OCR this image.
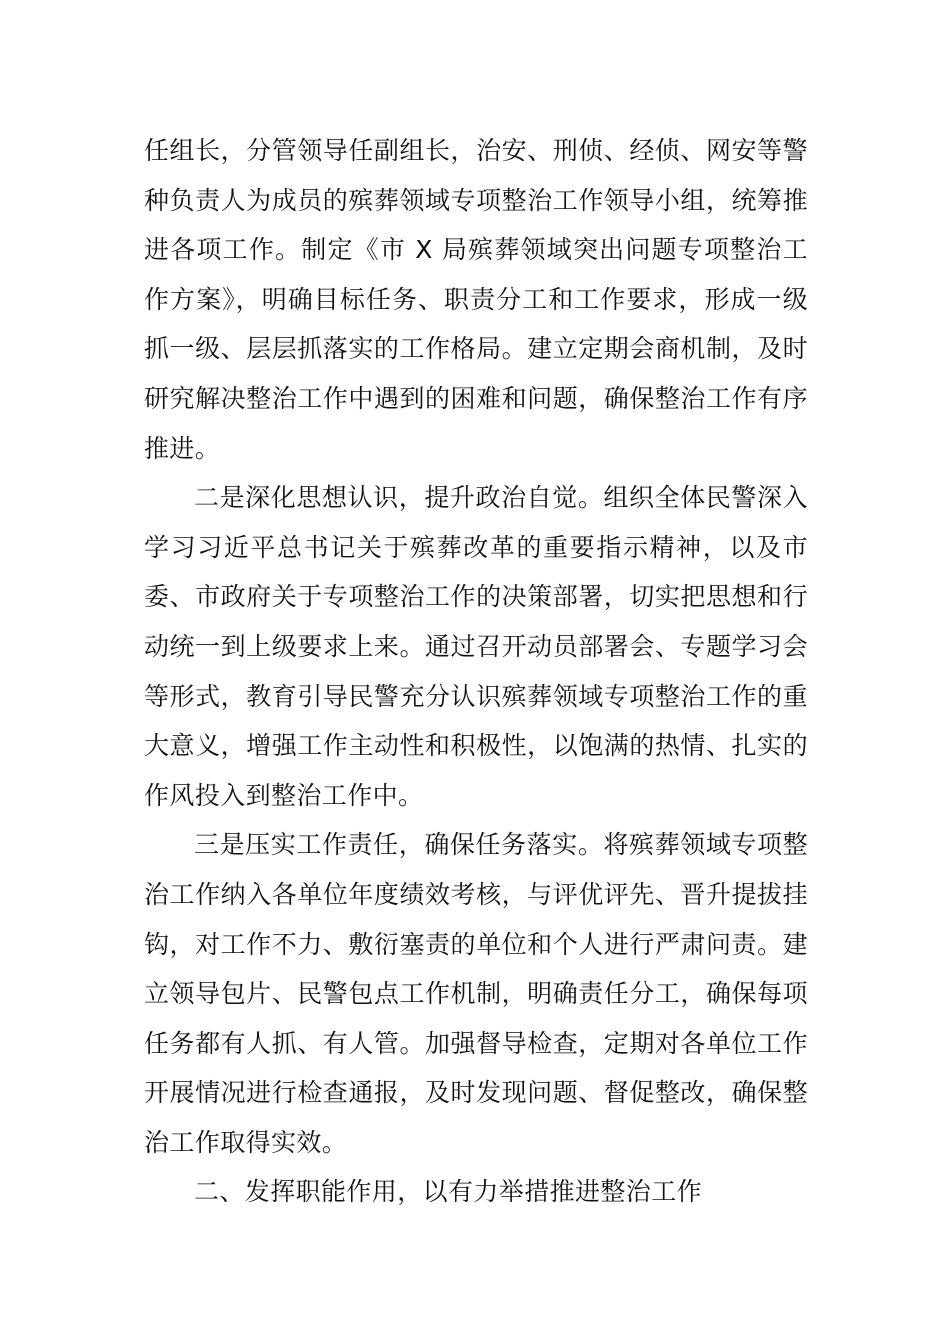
任组长，分管领导任副组长，治安、刑侦、经侦、网安等警种负责人为成员的殡葬领域专项整治工作领导小组，统筹推进各项工作。制定《市 X 局殡葬领域突出问题专项整治工作方案》，明确目标任务、职责分工和工作要求，形成一级抓一级、层层抓落实的工作格局。建立定期会商机制，及时研究解决整治工作中遇到的困难和问题，确保整治工作有序推进。

二是深化思想认识，提升政治自觉。组织全体民警深入学习习近平总书记关于殡葬改革的重要指示精神，以及市委、市政府关于专项整治工作的决策部署，切实把思想和行动统一到上级要求上来。通过召开动员部署会、专题学习会等形式，教育引导民警充分认识殡葬领域专项整治工作的重大意义，增强工作主动性和积极性，以饱满的热情、扎实的作风投入到整治工作中。

三是压实工作责任，确保任务落实。将殡葬领域专项整治工作纳入各单位年度绩效考核，与评优评先、晋升提拔挂钩，对工作不力、敷衍塞责的单位和个人进行严肃问责。建立领导包片、民警包点工作机制，明确责任分工，确保每项任务都有人抓、有人管。加强督导检查，定期对各单位工作开展情况进行检查通报，及时发现问题、督促整改，确保整治工作取得实效。

二、发挥职能作用，以有力举措推进整治工作
